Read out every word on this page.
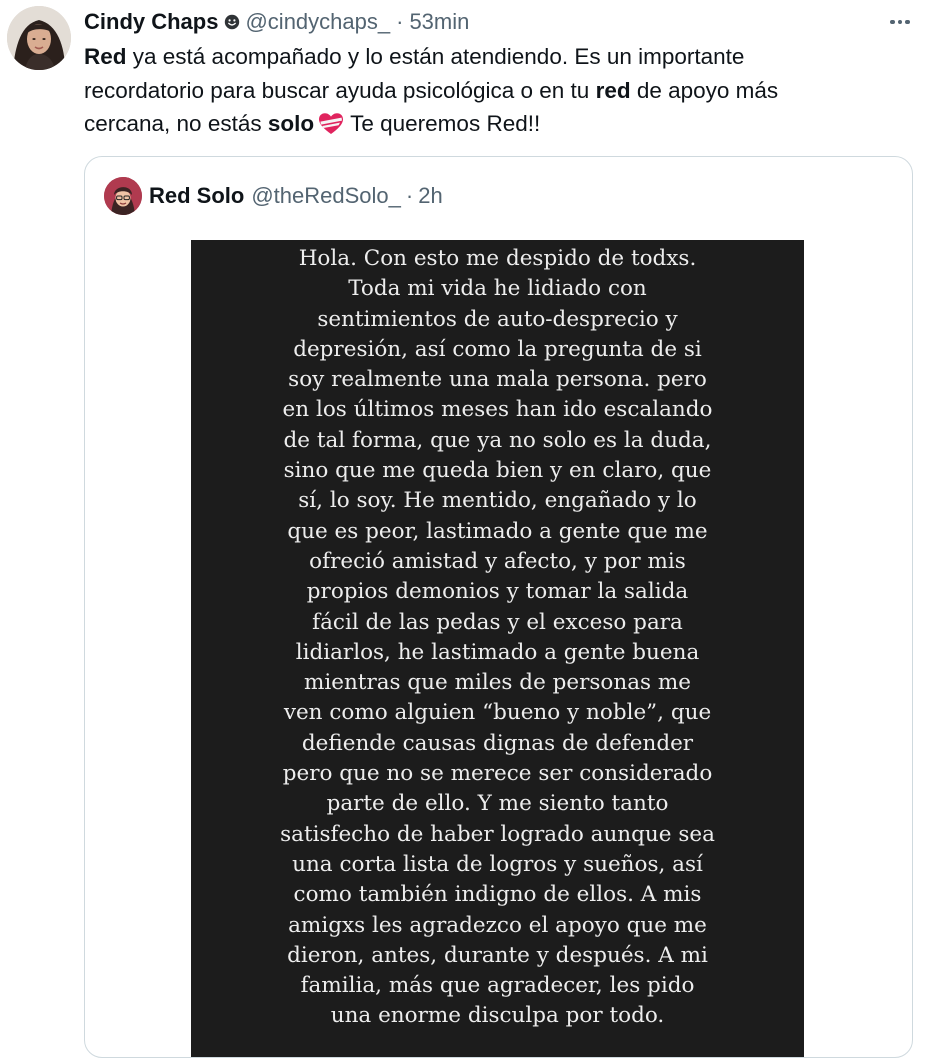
Cindy Chaps @cindychaps_ · 53min
Red ya está acompañado y lo están atendiendo. Es un importante
recordatorio para buscar ayuda psicológica o en tu red de apoyo más
cercana, no estás solo Te queremos Red!!
Red Solo @theRedSolo_ · 2h
Hola. Con esto me despido de todxs.
Toda mi vida he lidiado con
sentimientos de auto-desprecio y
depresión, así como la pregunta de si
soy realmente una mala persona. pero
en los últimos meses han ido escalando
de tal forma, que ya no solo es la duda,
sino que me queda bien y en claro, que
sí, lo soy. He mentido, engañado y lo
que es peor, lastimado a gente que me
ofreció amistad y afecto, y por mis
propios demonios y tomar la salida
fácil de las pedas y el exceso para
lidiarlos, he lastimado a gente buena
mientras que miles de personas me
ven como alguien “bueno y noble”, que
defiende causas dignas de defender
pero que no se merece ser considerado
parte de ello. Y me siento tanto
satisfecho de haber logrado aunque sea
una corta lista de logros y sueños, así
como también indigno de ellos. A mis
amigxs les agradezco el apoyo que me
dieron, antes, durante y después. A mi
familia, más que agradecer, les pido
una enorme disculpa por todo.
